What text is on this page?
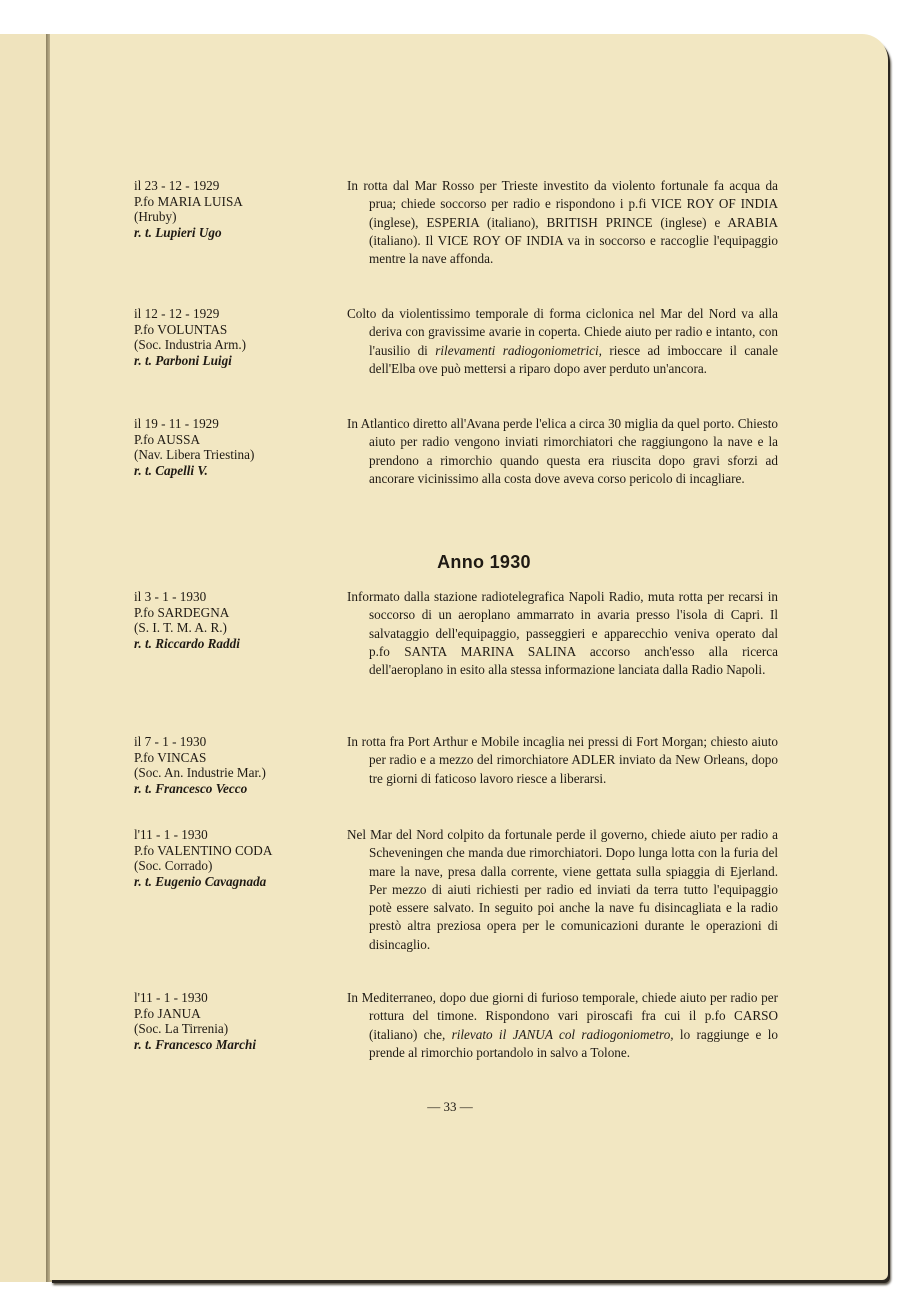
il 23 - 12 - 1929
P.fo MARIA LUISA
(Hruby)
r. t. Lupieri Ugo
In rotta dal Mar Rosso per Trieste investito da violento fortunale fa acqua da prua; chiede soccorso per radio e rispondono i p.fi VICE ROY OF INDIA (inglese), ESPERIA (italiano), BRITISH PRINCE (inglese) e ARABIA (italiano). Il VICE ROY OF INDIA va in soccorso e raccoglie l'equipaggio mentre la nave affonda.
il 12 - 12 - 1929
P.fo VOLUNTAS
(Soc. Industria Arm.)
r. t. Parboni Luigi
Colto da violentissimo temporale di forma ciclonica nel Mar del Nord va alla deriva con gravissime avarie in coperta. Chiede aiuto per radio e intanto, con l'ausilio di rilevamenti radiogoniometrici, riesce ad imboccare il canale dell'Elba ove può mettersi a riparo dopo aver perduto un'ancora.
il 19 - 11 - 1929
P.fo AUSSA
(Nav. Libera Triestina)
r. t. Capelli V.
In Atlantico diretto all'Avana perde l'elica a circa 30 miglia da quel porto. Chiesto aiuto per radio vengono inviati rimorchiatori che raggiungono la nave e la prendono a rimorchio quando questa era riuscita dopo gravi sforzi ad ancorare vicinissimo alla costa dove aveva corso pericolo di incagliare.
Anno 1930
il 3 - 1 - 1930
P.fo SARDEGNA
(S. I. T. M. A. R.)
r. t. Riccardo Raddi
Informato dalla stazione radiotelegrafica Napoli Radio, muta rotta per recarsi in soccorso di un aeroplano ammarrato in avaria presso l'isola di Capri. Il salvataggio dell'equipaggio, passeggieri e apparecchio veniva operato dal p.fo SANTA MARINA SALINA accorso anch'esso alla ricerca dell'aeroplano in esito alla stessa informazione lanciata dalla Radio Napoli.
il 7 - 1 - 1930
P.fo VINCAS
(Soc. An. Industrie Mar.)
r. t. Francesco Vecco
In rotta fra Port Arthur e Mobile incaglia nei pressi di Fort Morgan; chiesto aiuto per radio e a mezzo del rimorchiatore ADLER inviato da New Orleans, dopo tre giorni di faticoso lavoro riesce a liberarsi.
l'11 - 1 - 1930
P.fo VALENTINO CODA
(Soc. Corrado)
r. t. Eugenio Cavagnada
Nel Mar del Nord colpito da fortunale perde il governo, chiede aiuto per radio a Scheveningen che manda due rimorchiatori. Dopo lunga lotta con la furia del mare la nave, presa dalla corrente, viene gettata sulla spiaggia di Ejerland. Per mezzo di aiuti richiesti per radio ed inviati da terra tutto l'equipaggio potè essere salvato. In seguito poi anche la nave fu disincagliata e la radio prestò altra preziosa opera per le comunicazioni durante le operazioni di disincaglio.
l'11 - 1 - 1930
P.fo JANUA
(Soc. La Tirrenia)
r. t. Francesco Marchi
In Mediterraneo, dopo due giorni di furioso temporale, chiede aiuto per radio per rottura del timone. Rispondono vari piroscafi fra cui il p.fo CARSO (italiano) che, rilevato il JANUA col radiogoniometro, lo raggiunge e lo prende al rimorchio portandolo in salvo a Tolone.
— 33 —
